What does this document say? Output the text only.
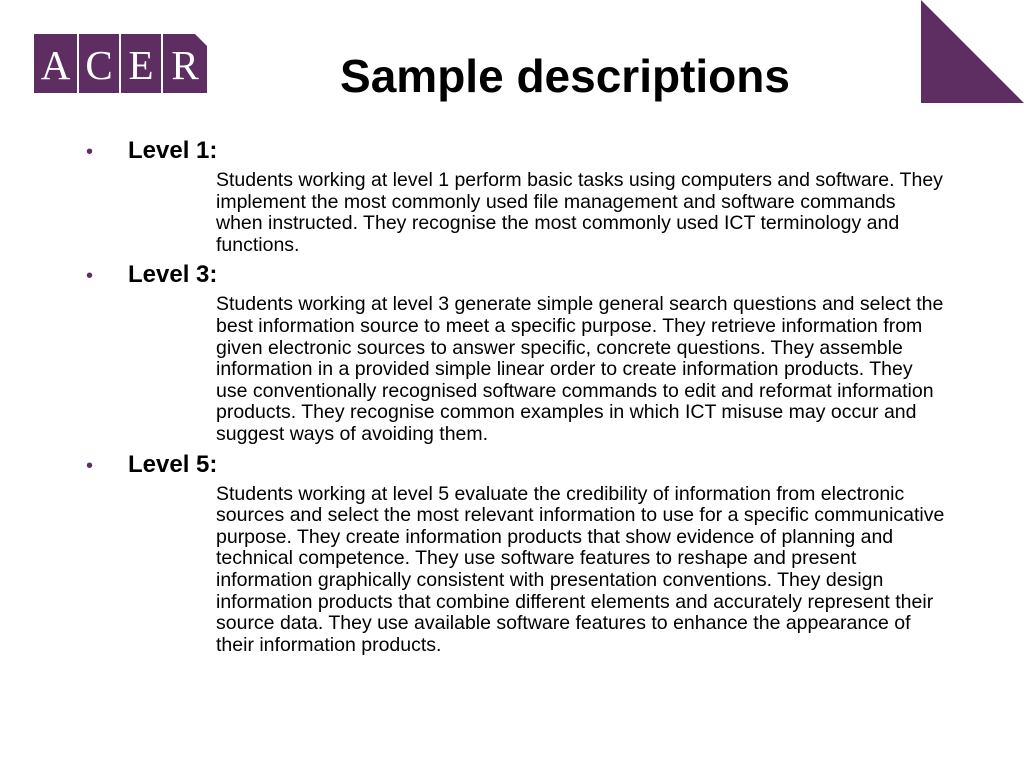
A C E R	Sample descriptions
•	Level 1:
Students working at level 1 perform basic tasks using computers and software. They implement the most commonly used file management and software commands when instructed. They recognise the most commonly used ICT terminology and functions.
•	Level 3:
Students working at level 3 generate simple general search questions and select the best information source to meet a specific purpose. They retrieve information from given electronic sources to answer specific, concrete questions. They assemble information in a provided simple linear order to create information products. They use conventionally recognised software commands to edit and reformat information products. They recognise common examples in which ICT misuse may occur and suggest ways of avoiding them.
•	Level 5:
Students working at level 5 evaluate the credibility of information from electronic sources and select the most relevant information to use for a specific communicative purpose. They create information products that show evidence of planning and technical competence. They use software features to reshape and present information graphically consistent with presentation conventions. They design information products that combine different elements and accurately represent their source data. They use available software features to enhance the appearance of their information products.
